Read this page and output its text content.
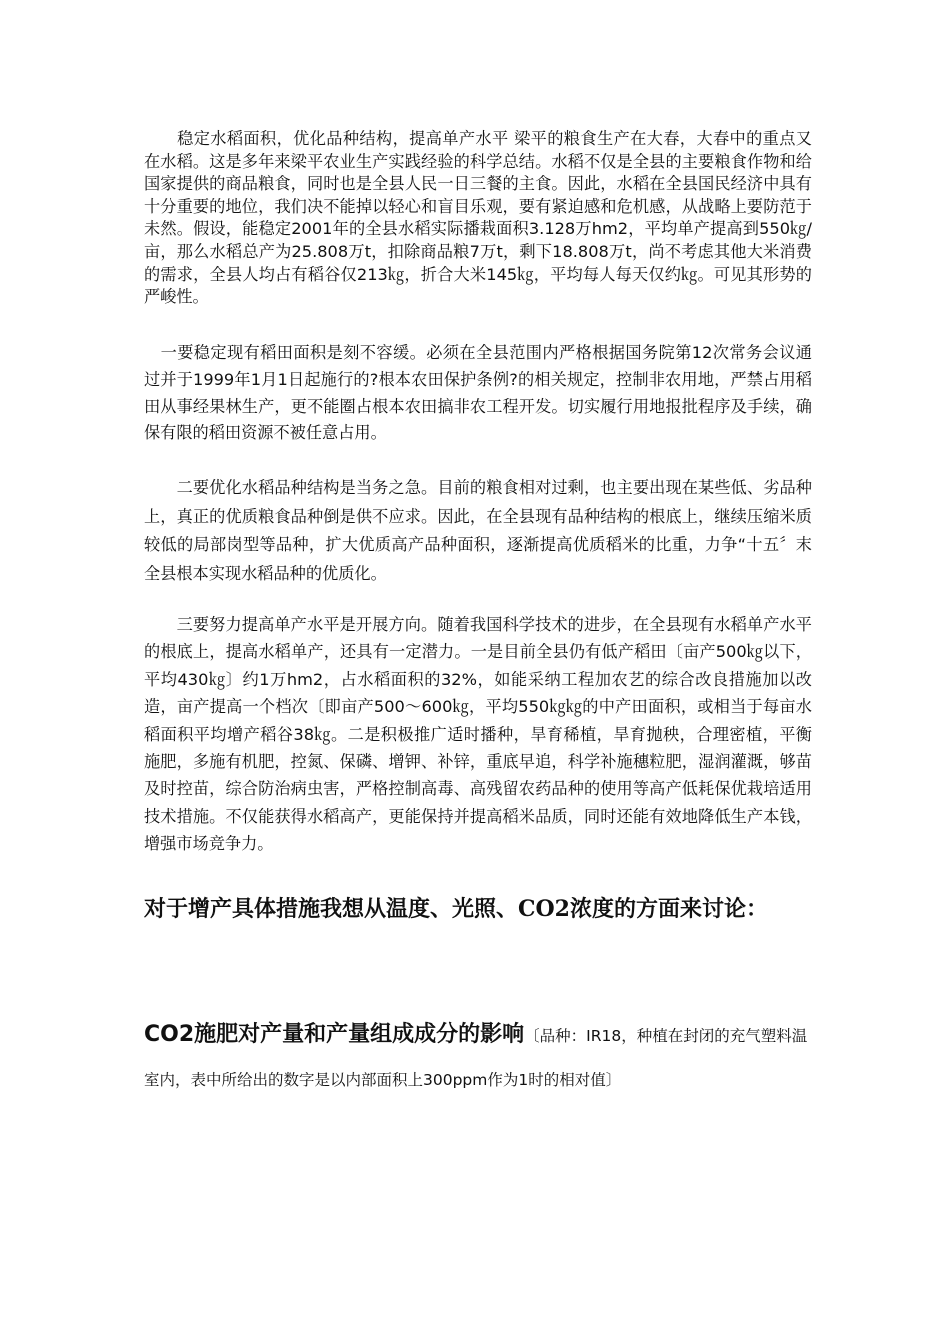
　　稳定水稻面积，优化品种结构，提高单产水平 梁平的粮食生产在大春，大春中的重点又在水稻。这是多年来梁平农业生产实践经验的科学总结。水稻不仅是全县的主要粮食作物和给国家提供的商品粮食，同时也是全县人民一日三餐的主食。因此，水稻在全县国民经济中具有十分重要的地位，我们决不能掉以轻心和盲目乐观，要有紧迫感和危机感，从战略上要防范于未然。假设，能稳定2001年的全县水稻实际播栽面积3.128万hm2，平均单产提高到550㎏/亩，那么水稻总产为25.808万t，扣除商品粮7万t，剩下18.808万t，尚不考虑其他大米消费的需求，全县人均占有稻谷仅213㎏，折合大米145㎏，平均每人每天仅约㎏。可见其形势的严峻性。

　一要稳定现有稻田面积是刻不容缓。必须在全县范围内严格根据国务院第12次常务会议通过并于1999年1月1日起施行的?根本农田保护条例?的相关规定，控制非农用地，严禁占用稻田从事经果林生产，更不能圈占根本农田搞非农工程开发。切实履行用地报批程序及手续，确保有限的稻田资源不被任意占用。

　　二要优化水稻品种结构是当务之急。目前的粮食相对过剩，也主要出现在某些低、劣品种上，真正的优质粮食品种倒是供不应求。因此，在全县现有品种结构的根底上，继续压缩米质较低的局部岗型等品种，扩大优质高产品种面积，逐渐提高优质稻米的比重，力争“十五〞末全县根本实现水稻品种的优质化。

　　三要努力提高单产水平是开展方向。随着我国科学技术的进步，在全县现有水稻单产水平的根底上，提高水稻单产，还具有一定潜力。一是目前全县仍有低产稻田〔亩产500㎏以下，平均430㎏〕约1万hm2，占水稻面积的32%，如能采纳工程加农艺的综合改良措施加以改造，亩产提高一个档次〔即亩产500～600㎏，平均550㎏㎏的中产田面积，或相当于每亩水稻面积平均增产稻谷38㎏。二是积极推广适时播种，旱育稀植，旱育抛秧，合理密植，平衡施肥，多施有机肥，控氮、保磷、增钾、补锌，重底早追，科学补施穗粒肥，湿润灌溉，够苗及时控苗，综合防治病虫害，严格控制高毒、高残留农药品种的使用等高产低耗保优栽培适用技术措施。不仅能获得水稻高产，更能保持并提高稻米品质，同时还能有效地降低生产本钱，增强市场竞争力。

对于增产具体措施我想从温度、光照、CO2浓度的方面来讨论：

CO2施肥对产量和产量组成成分的影响〔品种：IR18，种植在封闭的充气塑料温室内，表中所给出的数字是以内部面积上300ppm作为1时的相对值〕
